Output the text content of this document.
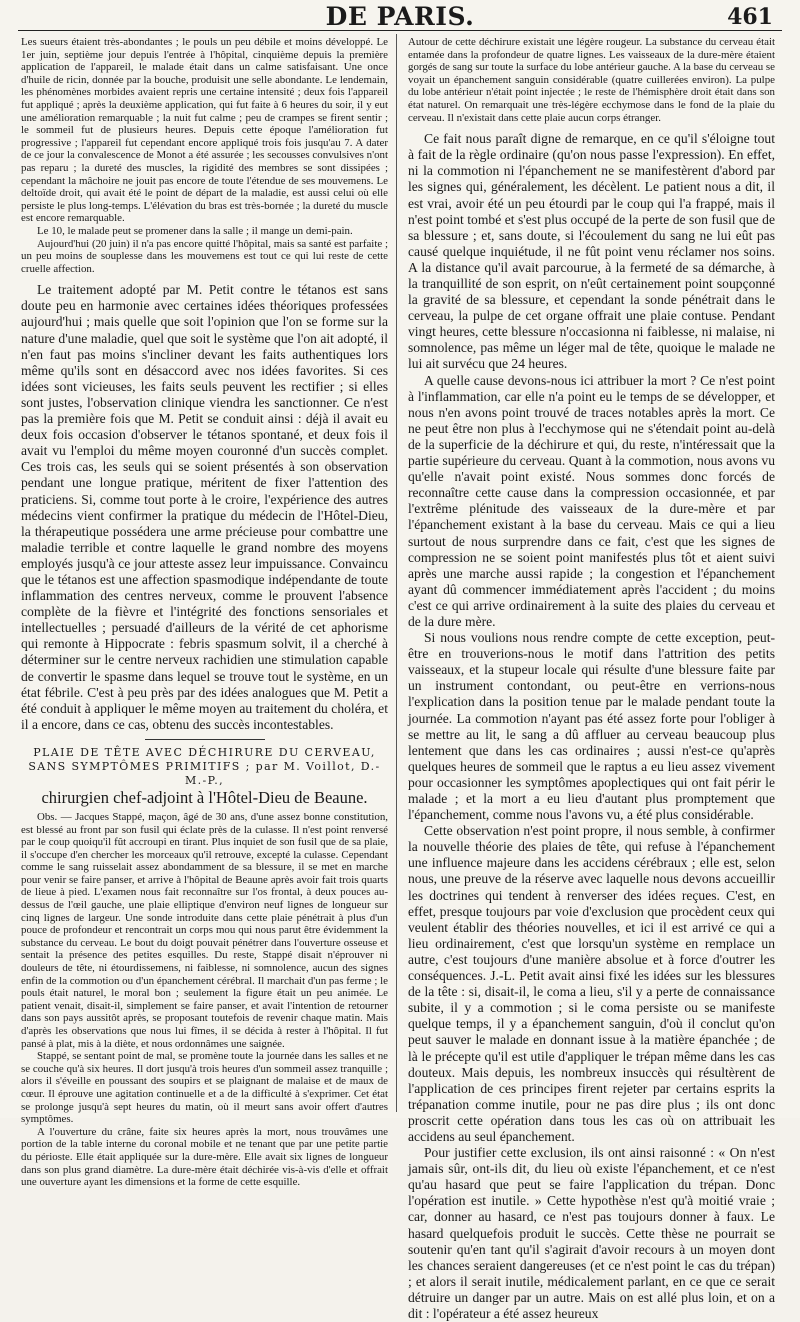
DE PARIS.	461

Les sueurs étaient très-abondantes ; le pouls un peu débile et moins développé. Le 1er juin, septième jour depuis l'entrée à l'hôpital, cinquième depuis la première application de l'appareil, le malade était dans un calme satisfaisant. Une once d'huile de ricin, donnée par la bouche, produisit une selle abondante. Le lendemain, les phénomènes morbides avaient repris une certaine intensité ; deux fois l'appareil fut appliqué ; après la deuxième application, qui fut faite à 6 heures du soir, il y eut une amélioration remarquable ; la nuit fut calme ; peu de crampes se firent sentir ; le sommeil fut de plusieurs heures. Depuis cette époque l'amélioration fut progressive ; l'appareil fut cependant encore appliqué trois fois jusqu'au 7. A dater de ce jour la convalescence de Monot a été assurée ; les secousses convulsives n'ont pas reparu ; la dureté des muscles, la rigidité des membres se sont dissipées ; cependant la mâchoire ne jouit pas encore de toute l'étendue de ses mouvemens. Le deltoïde droit, qui avait été le point de départ de la maladie, est aussi celui où elle persiste le plus long-temps. L'élévation du bras est très-bornée ; la dureté du muscle est encore remarquable.

Le 10, le malade peut se promener dans la salle ; il mange un demi-pain.

Aujourd'hui (20 juin) il n'a pas encore quitté l'hôpital, mais sa santé est parfaite ; un peu moins de souplesse dans les mouvemens est tout ce qui lui reste de cette cruelle affection.

Le traitement adopté par M. Petit contre le tétanos est sans doute peu en harmonie avec certaines idées théoriques professées aujourd'hui ; mais quelle que soit l'opinion que l'on se forme sur la nature d'une maladie, quel que soit le système que l'on ait adopté, il n'en faut pas moins s'incliner devant les faits authentiques lors même qu'ils sont en désaccord avec nos idées favorites. Si ces idées sont vicieuses, les faits seuls peuvent les rectifier ; si elles sont justes, l'observation clinique viendra les sanctionner. Ce n'est pas la première fois que M. Petit se conduit ainsi : déjà il avait eu deux fois occasion d'observer le tétanos spontané, et deux fois il avait vu l'emploi du même moyen couronné d'un succès complet. Ces trois cas, les seuls qui se soient présentés à son observation pendant une longue pratique, méritent de fixer l'attention des praticiens. Si, comme tout porte à le croire, l'expérience des autres médecins vient confirmer la pratique du médecin de l'Hôtel-Dieu, la thérapeutique possédera une arme précieuse pour combattre une maladie terrible et contre laquelle le grand nombre des moyens employés jusqu'à ce jour atteste assez leur impuissance. Convaincu que le tétanos est une affection spasmodique indépendante de toute inflammation des centres nerveux, comme le prouvent l'absence complète de la fièvre et l'intégrité des fonctions sensoriales et intellectuelles ; persuadé d'ailleurs de la vérité de cet aphorisme qui remonte à Hippocrate : febris spasmum solvit, il a cherché à déterminer sur le centre nerveux rachidien une stimulation capable de convertir le spasme dans lequel se trouve tout le système, en un état fébrile. C'est à peu près par des idées analogues que M. Petit a été conduit à appliquer le même moyen au traitement du choléra, et il a encore, dans ce cas, obtenu des succès incontestables.

PLAIE DE TÊTE AVEC DÉCHIRURE DU CERVEAU, SANS SYMPTÔMES PRIMITIFS ; par M. Voillot, D.-M.-P.,
chirurgien chef-adjoint à l'Hôtel-Dieu de Beaune.

Obs. — Jacques Stappé, maçon, âgé de 30 ans, d'une assez bonne constitution, est blessé au front par son fusil qui éclate près de la culasse. Il n'est point renversé par le coup quoiqu'il fût accroupi en tirant. Plus inquiet de son fusil que de sa plaie, il s'occupe d'en chercher les morceaux qu'il retrouve, excepté la culasse. Cependant comme le sang ruisselait assez abondamment de sa blessure, il se met en marche pour venir se faire panser, et arrive à l'hôpital de Beaune après avoir fait trois quarts de lieue à pied. L'examen nous fait reconnaître sur l'os frontal, à deux pouces au-dessus de l'œil gauche, une plaie elliptique d'environ neuf lignes de longueur sur cinq lignes de largeur. Une sonde introduite dans cette plaie pénétrait à plus d'un pouce de profondeur et rencontrait un corps mou qui nous parut être évidemment la substance du cerveau. Le bout du doigt pouvait pénétrer dans l'ouverture osseuse et sentait la présence des petites esquilles. Du reste, Stappé disait n'éprouver ni douleurs de tête, ni étourdissemens, ni faiblesse, ni somnolence, aucun des signes enfin de la commotion ou d'un épanchement cérébral. Il marchait d'un pas ferme ; le pouls était naturel, le moral bon ; seulement la figure était un peu animée. Le patient venait, disait-il, simplement se faire panser, et avait l'intention de retourner dans son pays aussitôt après, se proposant toutefois de revenir chaque matin. Mais d'après les observations que nous lui fîmes, il se décida à rester à l'hôpital. Il fut pansé à plat, mis à la diète, et nous ordonnâmes une saignée.

Stappé, se sentant point de mal, se promène toute la journée dans les salles et ne se couche qu'à six heures. Il dort jusqu'à trois heures d'un sommeil assez tranquille ; alors il s'éveille en poussant des soupirs et se plaignant de malaise et de maux de cœur. Il éprouve une agitation continuelle et a de la difficulté à s'exprimer. Cet état se prolonge jusqu'à sept heures du matin, où il meurt sans avoir offert d'autres symptômes.

A l'ouverture du crâne, faite six heures après la mort, nous trouvâmes une portion de la table interne du coronal mobile et ne tenant que par une petite partie du périoste. Elle était appliquée sur la dure-mère. Elle avait six lignes de longueur dans son plus grand diamètre. La dure-mère était déchirée vis-à-vis d'elle et offrait une ouverture ayant les dimensions et la forme de cette esquille.

Autour de cette déchirure existait une légère rougeur. La substance du cerveau était entamée dans la profondeur de quatre lignes. Les vaisseaux de la dure-mère étaient gorgés de sang sur toute la surface du lobe antérieur gauche. A la base du cerveau se voyait un épanchement sanguin considérable (quatre cuillerées environ). La pulpe du lobe antérieur n'était point injectée ; le reste de l'hémisphère droit était dans son état naturel. On remarquait une très-légère ecchymose dans le fond de la plaie du cerveau. Il n'existait dans cette plaie aucun corps étranger.

Ce fait nous paraît digne de remarque, en ce qu'il s'éloigne tout à fait de la règle ordinaire (qu'on nous passe l'expression). En effet, ni la commotion ni l'épanchement ne se manifestèrent d'abord par les signes qui, généralement, les décèlent. Le patient nous a dit, il est vrai, avoir été un peu étourdi par le coup qui l'a frappé, mais il n'est point tombé et s'est plus occupé de la perte de son fusil que de sa blessure ; et, sans doute, si l'écoulement du sang ne lui eût pas causé quelque inquiétude, il ne fût point venu réclamer nos soins. A la distance qu'il avait parcourue, à la fermeté de sa démarche, à la tranquillité de son esprit, on n'eût certainement point soupçonné la gravité de sa blessure, et cependant la sonde pénétrait dans le cerveau, la pulpe de cet organe offrait une plaie contuse. Pendant vingt heures, cette blessure n'occasionna ni faiblesse, ni malaise, ni somnolence, pas même un léger mal de tête, quoique le malade ne lui ait survécu que 24 heures.

A quelle cause devons-nous ici attribuer la mort ? Ce n'est point à l'inflammation, car elle n'a point eu le temps de se développer, et nous n'en avons point trouvé de traces notables après la mort. Ce ne peut être non plus à l'ecchymose qui ne s'étendait point au-delà de la superficie de la déchirure et qui, du reste, n'intéressait que la partie supérieure du cerveau. Quant à la commotion, nous avons vu qu'elle n'avait point existé. Nous sommes donc forcés de reconnaître cette cause dans la compression occasionnée, et par l'extrême plénitude des vaisseaux de la dure-mère et par l'épanchement existant à la base du cerveau. Mais ce qui a lieu surtout de nous surprendre dans ce fait, c'est que les signes de compression ne se soient point manifestés plus tôt et aient suivi après une marche aussi rapide ; la congestion et l'épanchement ayant dû commencer immédiatement après l'accident ; du moins c'est ce qui arrive ordinairement à la suite des plaies du cerveau et de la dure mère.

Si nous voulions nous rendre compte de cette exception, peut-être en trouverions-nous le motif dans l'attrition des petits vaisseaux, et la stupeur locale qui résulte d'une blessure faite par un instrument contondant, ou peut-être en verrions-nous l'explication dans la position tenue par le malade pendant toute la journée. La commotion n'ayant pas été assez forte pour l'obliger à se mettre au lit, le sang a dû affluer au cerveau beaucoup plus lentement que dans les cas ordinaires ; aussi n'est-ce qu'après quelques heures de sommeil que le raptus a eu lieu assez vivement pour occasionner les symptômes apoplectiques qui ont fait périr le malade ; et la mort a eu lieu d'autant plus promptement que l'épanchement, comme nous l'avons vu, a été plus considérable.

Cette observation n'est point propre, il nous semble, à confirmer la nouvelle théorie des plaies de tête, qui refuse à l'épanchement une influence majeure dans les accidens cérébraux ; elle est, selon nous, une preuve de la réserve avec laquelle nous devons accueillir les doctrines qui tendent à renverser des idées reçues. C'est, en effet, presque toujours par voie d'exclusion que procèdent ceux qui veulent établir des théories nouvelles, et ici il est arrivé ce qui a lieu ordinairement, c'est que lorsqu'un système en remplace un autre, c'est toujours d'une manière absolue et à force d'outrer les conséquences. J.-L. Petit avait ainsi fixé les idées sur les blessures de la tête : si, disait-il, le coma a lieu, s'il y a perte de connaissance subite, il y a commotion ; si le coma persiste ou se manifeste quelque temps, il y a épanchement sanguin, d'où il conclut qu'on peut sauver le malade en donnant issue à la matière épanchée ; de là le précepte qu'il est utile d'appliquer le trépan même dans les cas douteux. Mais depuis, les nombreux insuccès qui résultèrent de l'application de ces principes firent rejeter par certains esprits la trépanation comme inutile, pour ne pas dire plus ; ils ont donc proscrit cette opération dans tous les cas où on attribuait les accidens au seul épanchement.

Pour justifier cette exclusion, ils ont ainsi raisonné : « On n'est jamais sûr, ont-ils dit, du lieu où existe l'épanchement, et ce n'est qu'au hasard que peut se faire l'application du trépan. Donc l'opération est inutile. » Cette hypothèse n'est qu'à moitié vraie ; car, donner au hasard, ce n'est pas toujours donner à faux. Le hasard quelquefois produit le succès. Cette thèse ne pourrait se soutenir qu'en tant qu'il s'agirait d'avoir recours à un moyen dont les chances seraient dangereuses (et ce n'est point le cas du trépan) ; et alors il serait inutile, médicalement parlant, en ce que ce serait détruire un danger par un autre. Mais on est allé plus loin, et on a dit : l'opérateur a été assez heureux
